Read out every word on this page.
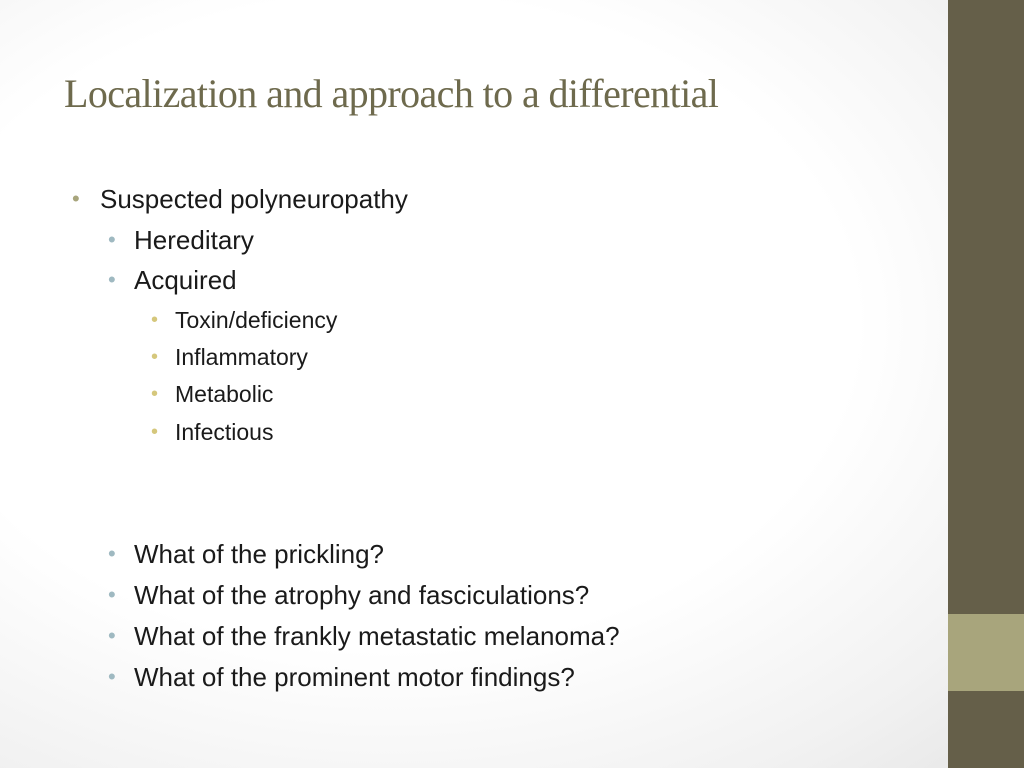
Localization and approach to a differential
• Suspected polyneuropathy
• Hereditary
• Acquired
• Toxin/deficiency
• Inflammatory
• Metabolic
• Infectious
• What of the prickling?
• What of the atrophy and fasciculations?
• What of the frankly metastatic melanoma?
• What of the prominent motor findings?
